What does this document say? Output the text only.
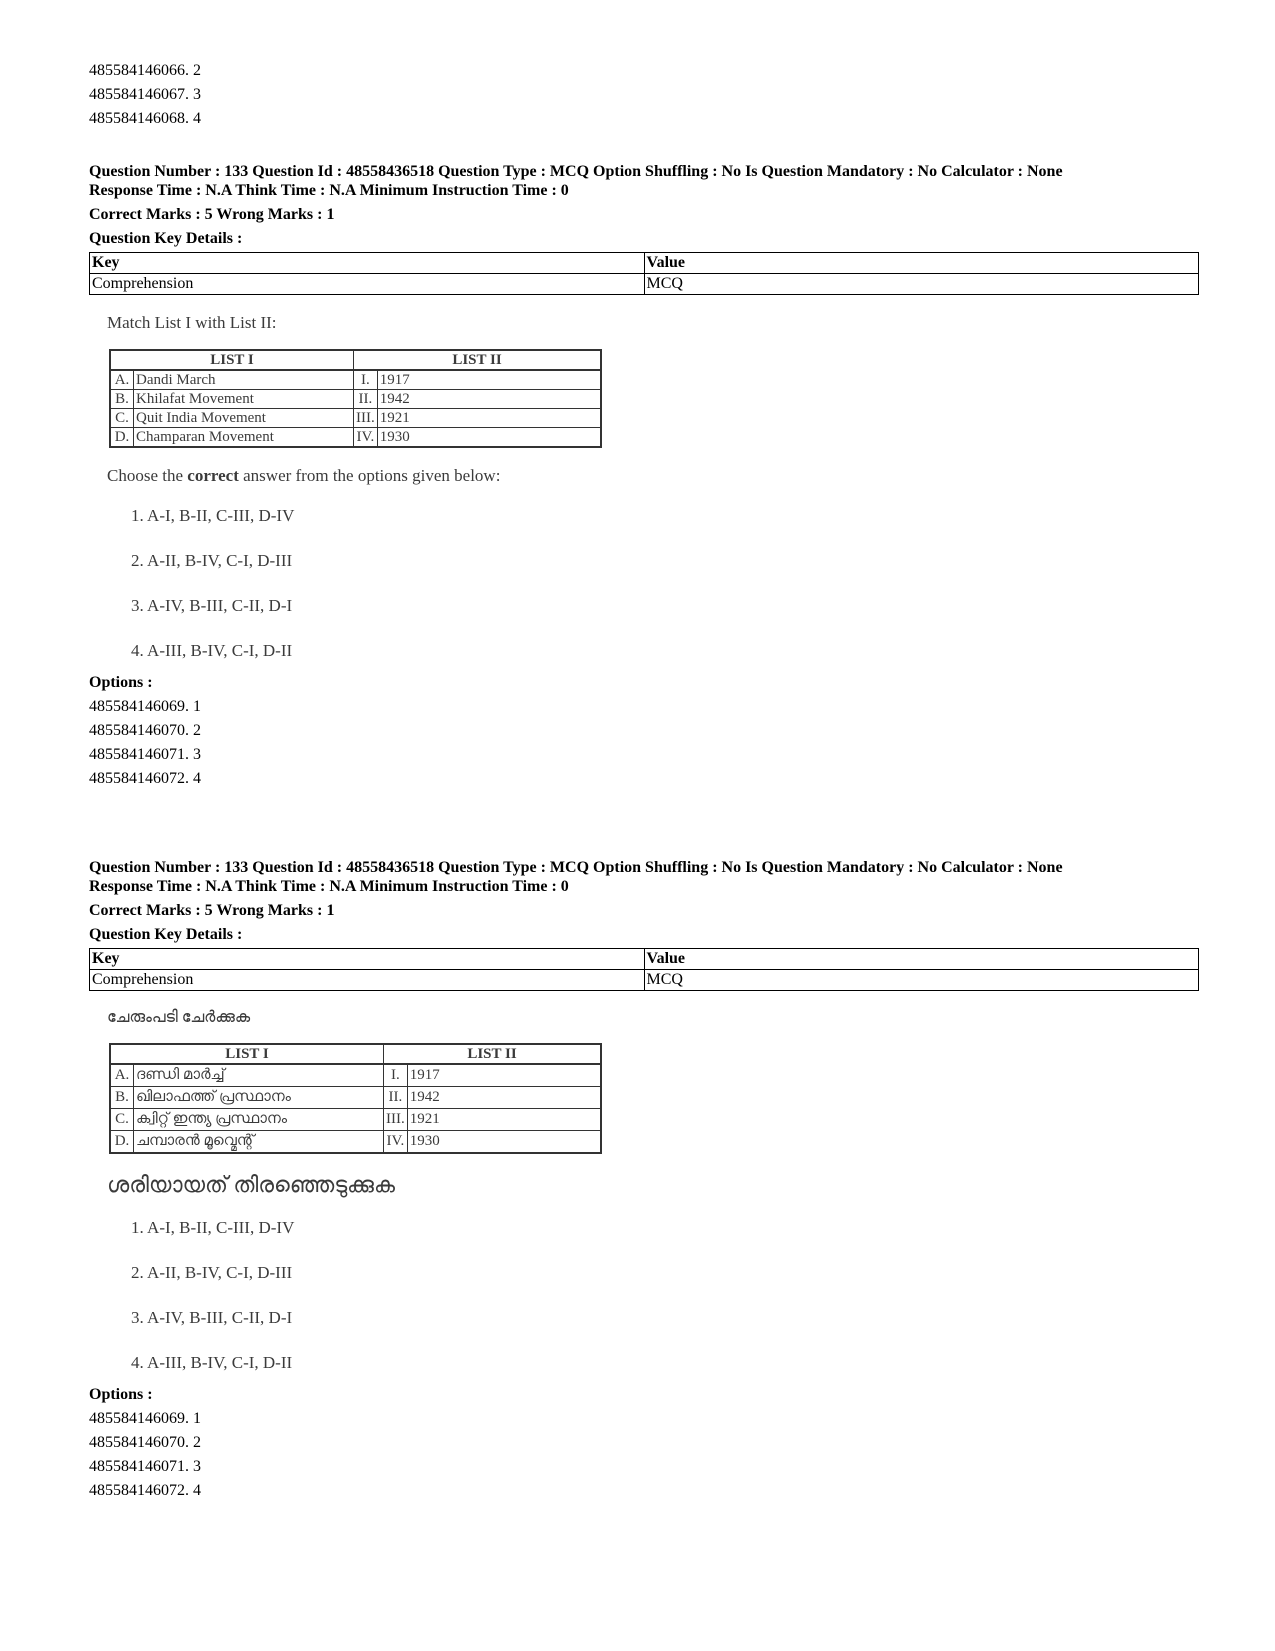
485584146066. 2
485584146067. 3
485584146068. 4
Question Number : 133 Question Id : 48558436518 Question Type : MCQ Option Shuffling : No Is Question Mandatory : No Calculator : None
Response Time : N.A Think Time : N.A Minimum Instruction Time : 0
Correct Marks : 5 Wrong Marks : 1
Question Key Details :
Key	Value
Comprehension	MCQ
Match List I with List II:
LIST I		LIST II	
A.	Dandi March	I.	1917
B.	Khilafat Movement	II.	1942
C.	Quit India Movement	III.	1921
D.	Champaran Movement	IV.	1930
Choose the correct answer from the options given below:
1. A-I, B-II, C-III, D-IV
2. A-II, B-IV, C-I, D-III
3. A-IV, B-III, C-II, D-I
4. A-III, B-IV, C-I, D-II
Options :
485584146069. 1
485584146070. 2
485584146071. 3
485584146072. 4
Question Number : 133 Question Id : 48558436518 Question Type : MCQ Option Shuffling : No Is Question Mandatory : No Calculator : None
Response Time : N.A Think Time : N.A Minimum Instruction Time : 0
Correct Marks : 5 Wrong Marks : 1
Question Key Details :
Key	Value
Comprehension	MCQ
ചേരുംപടി ചേർക്കുക
LIST I		LIST II	
A.	ദണ്ഡി മാർച്ച്	I.	1917
B.	ഖിലാഫത്ത് പ്രസ്ഥാനം	II.	1942
C.	ക്വിറ്റ് ഇന്ത്യ പ്രസ്ഥാനം	III.	1921
D.	ചമ്പാരൻ മൂവ്മെന്റ്	IV.	1930
ശരിയായത് തിരഞ്ഞെടുക്കുക
1. A-I, B-II, C-III, D-IV
2. A-II, B-IV, C-I, D-III
3. A-IV, B-III, C-II, D-I
4. A-III, B-IV, C-I, D-II
Options :
485584146069. 1
485584146070. 2
485584146071. 3
485584146072. 4
